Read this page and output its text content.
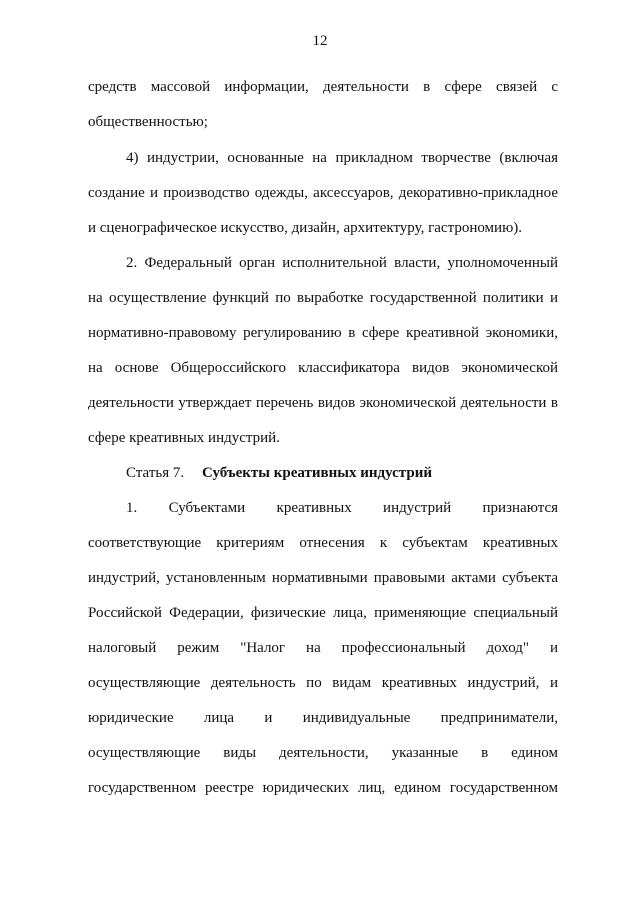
12
средств массовой информации, деятельности в сфере связей с
общественностью;
4) индустрии, основанные на прикладном творчестве (включая
создание и производство одежды, аксессуаров, декоративно-прикладное
и сценографическое искусство, дизайн, архитектуру, гастрономию).
2. Федеральный орган исполнительной власти, уполномоченный
на осуществление функций по выработке государственной политики и
нормативно-правовому регулированию в сфере креативной экономики,
на основе Общероссийского классификатора видов экономической
деятельности утверждает перечень видов экономической деятельности в
сфере креативных индустрий.
Статья 7. Субъекты креативных индустрий
1. Субъектами креативных индустрий признаются
соответствующие критериям отнесения к субъектам креативных
индустрий, установленным нормативными правовыми актами субъекта
Российской Федерации, физические лица, применяющие специальный
налоговый режим "Налог на профессиональный доход" и
осуществляющие деятельность по видам креативных индустрий, и
юридические лица и индивидуальные предприниматели,
осуществляющие виды деятельности, указанные в едином
государственном реестре юридических лиц, едином государственном
